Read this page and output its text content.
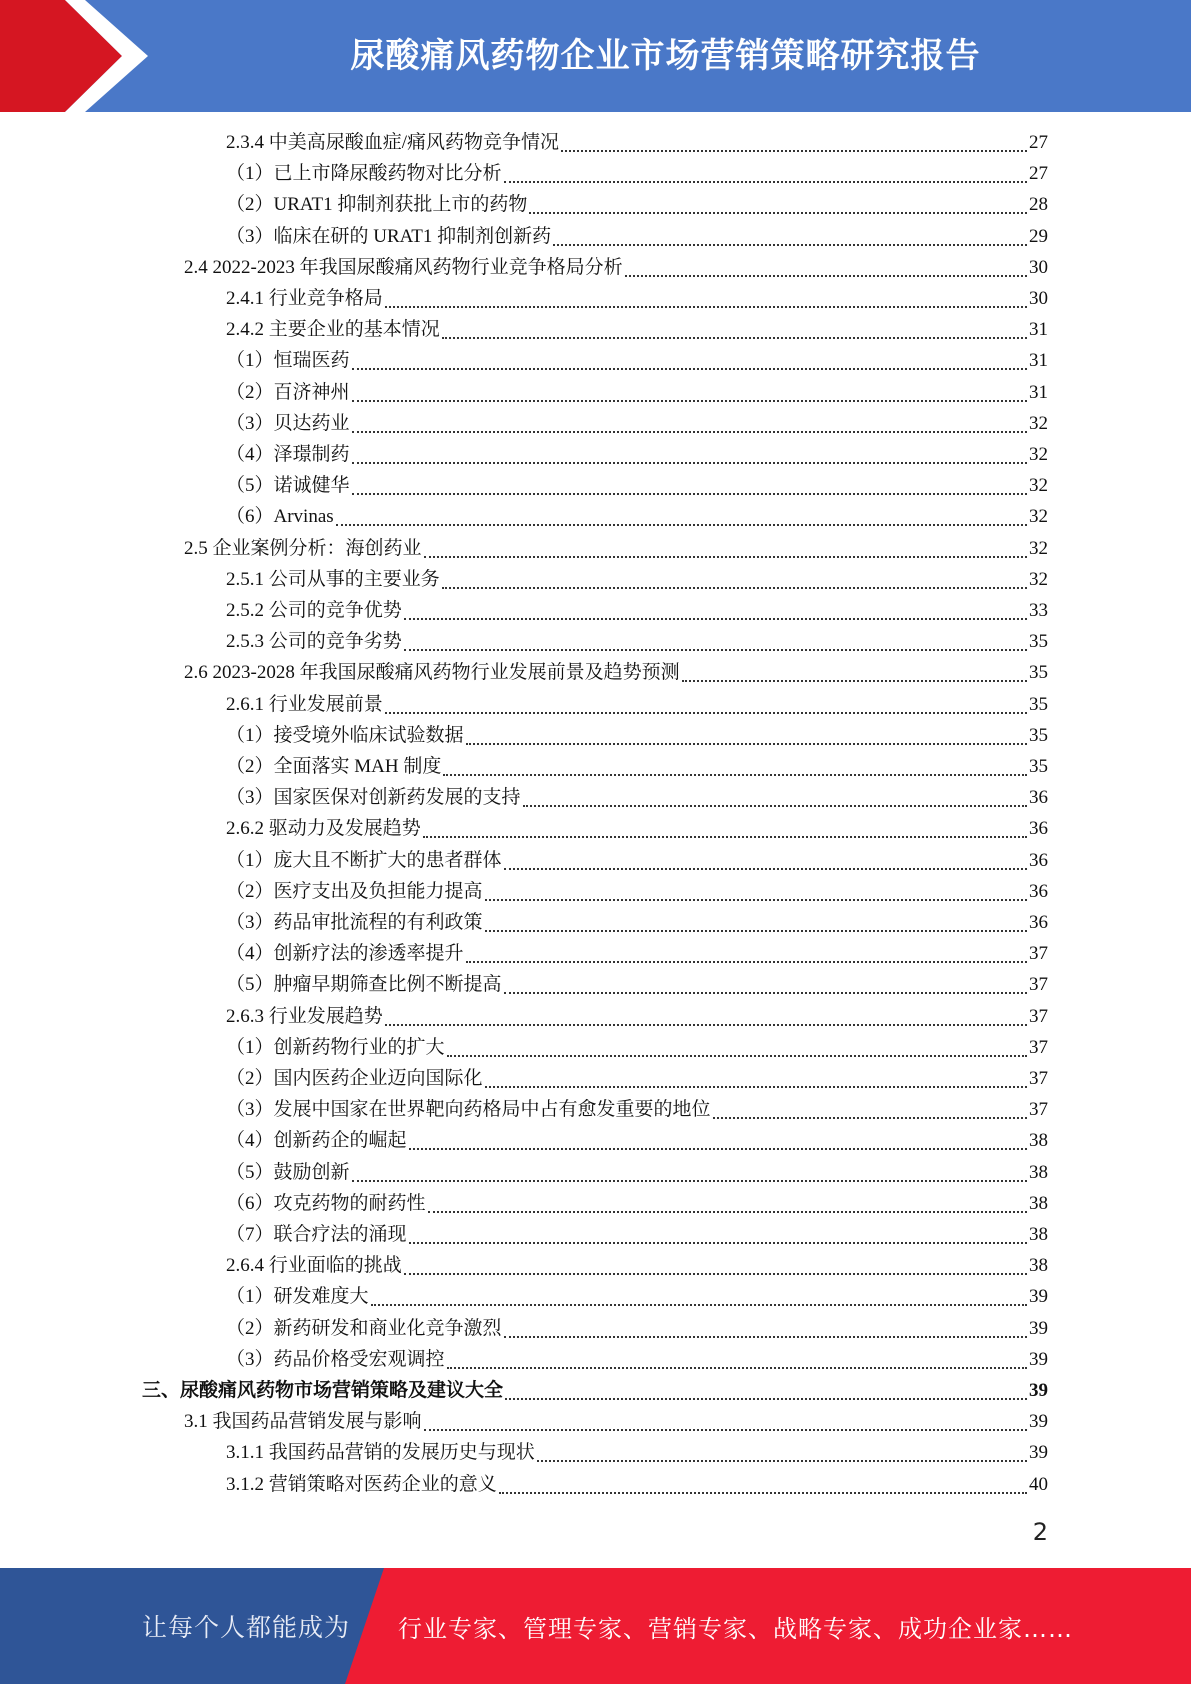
尿酸痛风药物企业市场营销策略研究报告
2.3.4 中美高尿酸血症/痛风药物竞争情况	27
（1）已上市降尿酸药物对比分析	27
（2）URAT1 抑制剂获批上市的药物	28
（3）临床在研的 URAT1 抑制剂创新药	29
2.4 2022-2023 年我国尿酸痛风药物行业竞争格局分析	30
2.4.1 行业竞争格局	30
2.4.2 主要企业的基本情况	31
（1）恒瑞医药	31
（2）百济神州	31
（3）贝达药业	32
（4）泽璟制药	32
（5）诺诚健华	32
（6）Arvinas	32
2.5 企业案例分析：海创药业	32
2.5.1 公司从事的主要业务	32
2.5.2 公司的竞争优势	33
2.5.3 公司的竞争劣势	35
2.6 2023-2028 年我国尿酸痛风药物行业发展前景及趋势预测	35
2.6.1 行业发展前景	35
（1）接受境外临床试验数据	35
（2）全面落实 MAH 制度	35
（3）国家医保对创新药发展的支持	36
2.6.2 驱动力及发展趋势	36
（1）庞大且不断扩大的患者群体	36
（2）医疗支出及负担能力提高	36
（3）药品审批流程的有利政策	36
（4）创新疗法的渗透率提升	37
（5）肿瘤早期筛查比例不断提高	37
2.6.3 行业发展趋势	37
（1）创新药物行业的扩大	37
（2）国内医药企业迈向国际化	37
（3）发展中国家在世界靶向药格局中占有愈发重要的地位	37
（4）创新药企的崛起	38
（5）鼓励创新	38
（6）攻克药物的耐药性	38
（7）联合疗法的涌现	38
2.6.4 行业面临的挑战	38
（1）研发难度大	39
（2）新药研发和商业化竞争激烈	39
（3）药品价格受宏观调控	39
三、尿酸痛风药物市场营销策略及建议大全	39
3.1 我国药品营销发展与影响	39
3.1.1 我国药品营销的发展历史与现状	39
3.1.2 营销策略对医药企业的意义	40
2
让每个人都能成为 行业专家、管理专家、营销专家、战略专家、成功企业家……
